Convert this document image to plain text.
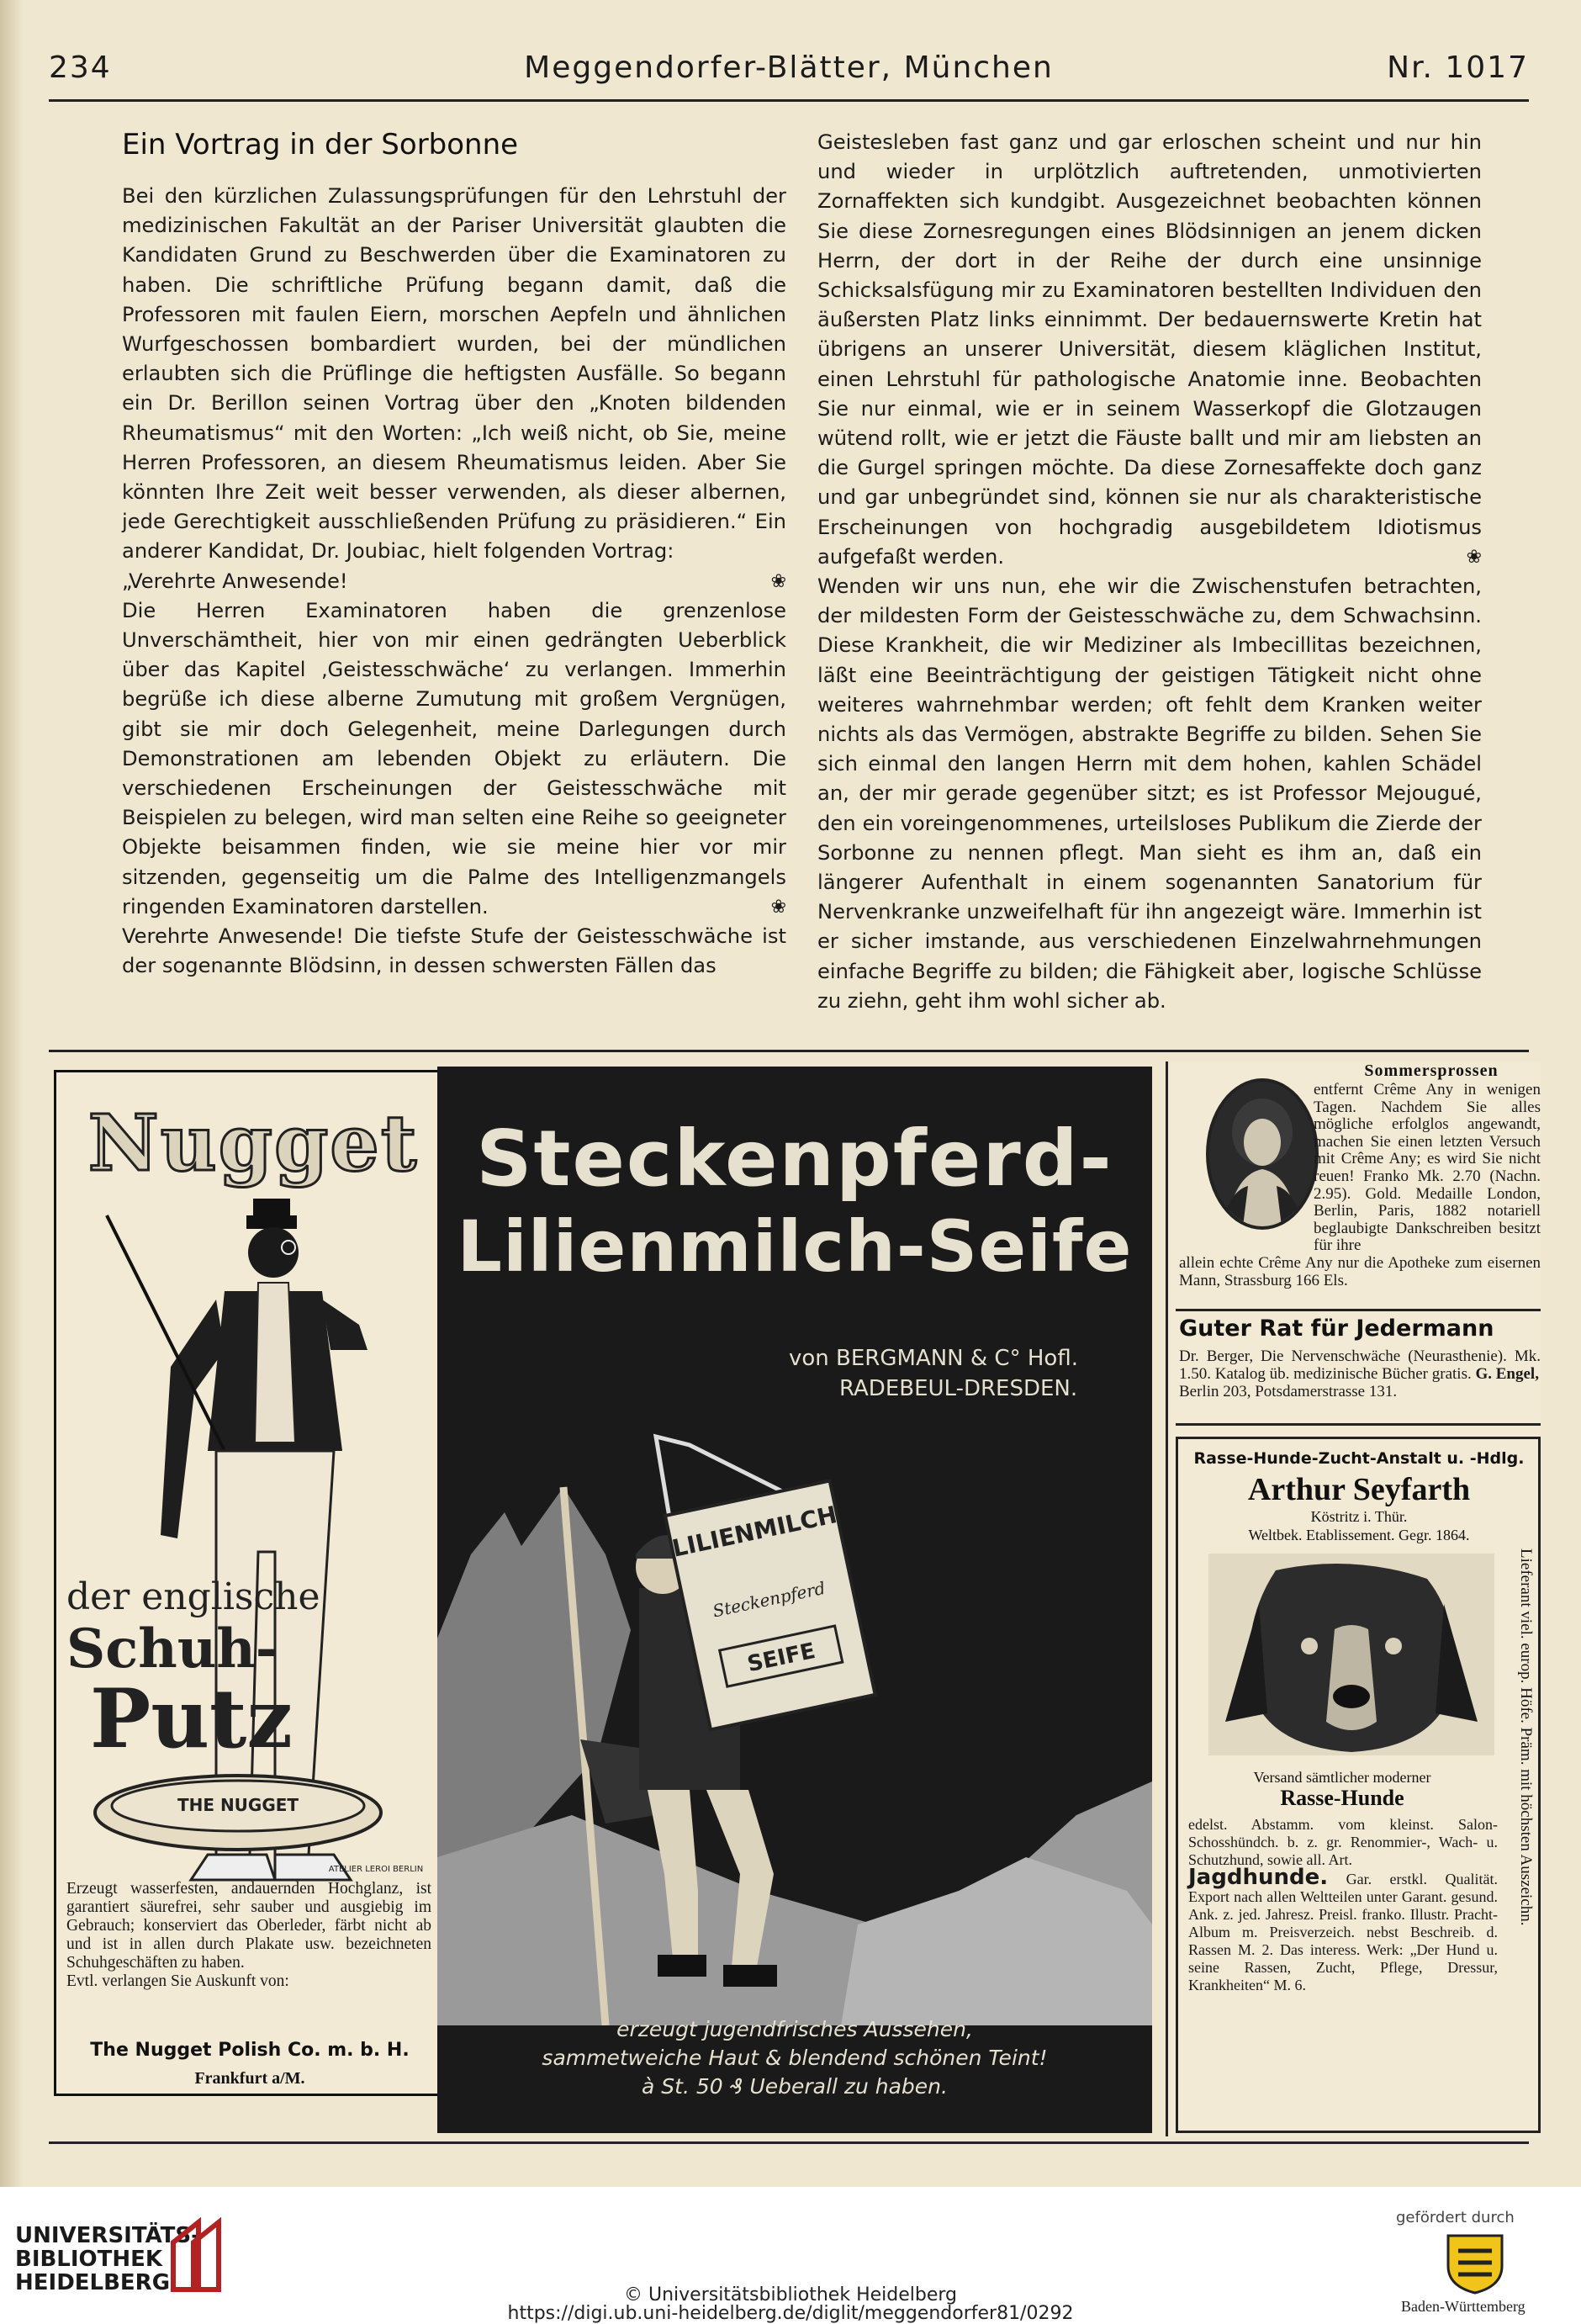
234	Meggendorfer-Blätter, München	Nr. 1017
Ein Vortrag in der Sorbonne

Bei den kürzlichen Zulassungsprüfungen für den Lehrstuhl der medizinischen Fakultät an der Pariser Universität glaubten die Kandidaten Grund zu Beschwerden über die Examinatoren zu haben. Die schriftliche Prüfung begann damit, daß die Professoren mit faulen Eiern, morschen Aepfeln und ähnlichen Wurfgeschossen bombardiert wurden, bei der mündlichen erlaubten sich die Prüflinge die heftigsten Ausfälle. So begann ein Dr. Berillon seinen Vortrag über den „Knoten bildenden Rheumatismus“ mit den Worten: „Ich weiß nicht, ob Sie, meine Herren Professoren, an diesem Rheumatismus leiden. Aber Sie könnten Ihre Zeit weit besser verwenden, als dieser albernen, jede Gerechtigkeit ausschließenden Prüfung zu präsidieren.“ Ein anderer Kandidat, Dr. Joubiac, hielt folgenden Vortrag:

❀
„Verehrte Anwesende!

Die Herren Examinatoren haben die grenzenlose Unverschämtheit, hier von mir einen gedrängten Ueberblick über das Kapitel ‚Geistesschwäche‘ zu verlangen. Immerhin begrüße ich diese alberne Zumutung mit großem Vergnügen, gibt sie mir doch Gelegenheit, meine Darlegungen durch Demonstrationen am lebenden Objekt zu erläutern. Die verschiedenen Erscheinungen der Geistesschwäche mit Beispielen zu belegen, wird man selten eine Reihe so geeigneter Objekte beisammen finden, wie sie meine hier vor mir sitzenden, gegenseitig um die Palme des Intelligenzmangels ringenden Examinatoren darstellen.	❀

Verehrte Anwesende! Die tiefste Stufe der Geistesschwäche ist der sogenannte Blödsinn, in dessen schwersten Fällen das

Geistesleben fast ganz und gar erloschen scheint und nur hin und wieder in urplötzlich auftretenden, unmotivierten Zornaffekten sich kundgibt. Ausgezeichnet beobachten können Sie diese Zornesregungen eines Blödsinnigen an jenem dicken Herrn, der dort in der Reihe der durch eine unsinnige Schicksalsfügung mir zu Examinatoren bestellten Individuen den äußersten Platz links einnimmt. Der bedauernswerte Kretin hat übrigens an unserer Universität, diesem kläglichen Institut, einen Lehrstuhl für pathologische Anatomie inne. Beobachten Sie nur einmal, wie er in seinem Wasserkopf die Glotzaugen wütend rollt, wie er jetzt die Fäuste ballt und mir am liebsten an die Gurgel springen möchte. Da diese Zornesaffekte doch ganz und gar unbegründet sind, können sie nur als charakteristische Erscheinungen von hochgradig ausgebildetem Idiotismus aufgefaßt werden.	❀

Wenden wir uns nun, ehe wir die Zwischenstufen betrachten, der mildesten Form der Geistesschwäche zu, dem Schwachsinn. Diese Krankheit, die wir Mediziner als Imbecillitas bezeichnen, läßt eine Beeinträchtigung der geistigen Tätigkeit nicht ohne weiteres wahrnehmbar werden; oft fehlt dem Kranken weiter nichts als das Vermögen, abstrakte Begriffe zu bilden. Sehen Sie sich einmal den langen Herrn mit dem hohen, kahlen Schädel an, der mir gerade gegenüber sitzt; es ist Professor Mejougué, den ein voreingenommenes, urteilsloses Publikum die Zierde der Sorbonne zu nennen pflegt. Man sieht es ihm an, daß ein längerer Aufenthalt in einem sogenannten Sanatorium für Nervenkranke unzweifelhaft für ihn angezeigt wäre. Immerhin ist er sicher imstande, aus verschiedenen Einzelwahrnehmungen einfache Begriffe zu bilden; die Fähigkeit aber, logische Schlüsse zu ziehn, geht ihm wohl sicher ab.

Nugget
THE NUGGET
ATELIER LEROI BERLIN
der englische
Schuh-
Putz
Erzeugt wasserfesten, andauernden Hochglanz, ist garantiert säurefrei, sehr sauber und ausgiebig im Gebrauch; konserviert das Oberleder, färbt nicht ab und ist in allen durch Plakate usw. bezeichneten Schuhgeschäften zu haben.
Evtl. verlangen Sie Auskunft von:
The Nugget Polish Co. m. b. H.
Frankfurt a/M.
Steckenpferd-
Lilienmilch-Seife
von BERGMANN & C° Hofl.
RADEBEUL-DRESDEN.
LILIENMILCH
Steckenpferd
SEIFE
erzeugt jugendfrisches Aussehen,
sammetweiche Haut & blendend schönen Teint!
à St. 50 ₰ Ueberall zu haben.
Sommersprossen
entfernt Crême Any in wenigen Tagen. Nachdem Sie alles mögliche erfolglos angewandt, machen Sie einen letzten Versuch mit Crême Any; es wird Sie nicht reuen! Franko Mk. 2.70 (Nachn. 2.95). Gold. Medaille London, Berlin, Paris, 1882 notariell beglaubigte Dankschreiben besitzt für ihre
allein echte Crême Any nur die Apotheke zum eisernen Mann, Strassburg 166 Els.
Guter Rat für Jedermann
Dr. Berger, Die Nervenschwäche (Neurasthenie). Mk. 1.50. Katalog üb. medizinische Bücher gratis. G. Engel,
Berlin 203, Potsdamerstrasse 131.
Rasse-Hunde-Zucht-Anstalt u. -Hdlg.
Arthur Seyfarth
Köstritz i. Thür.
Weltbek. Etablissement. Gegr. 1864.
Lieferant viel. europ. Höfe. Präm. mit höchsten Auszeichn.
Versand sämtlicher moderner
Rasse-Hunde
edelst. Abstamm. vom kleinst. Salon-Schosshündch. b. z. gr. Renommier-, Wach- u. Schutzhund, sowie all. Art.
Jagdhunde. Gar. erstkl. Qualität. Export nach allen Weltteilen unter Garant. gesund. Ank. z. jed. Jahresz. Preisl. franko. Illustr. Pracht-Album m. Preisverzeich. nebst Beschreib. d. Rassen M. 2. Das interess. Werk: „Der Hund u. seine Rassen, Zucht, Pflege, Dressur, Krankheiten“ M. 6.
UNIVERSITÄTS-
BIBLIOTHEK
HEIDELBERG	© Universitätsbibliothek Heidelberg
https://digi.ub.uni-heidelberg.de/diglit/meggendorfer81/0292
gefördert durch
Baden-Württemberg
